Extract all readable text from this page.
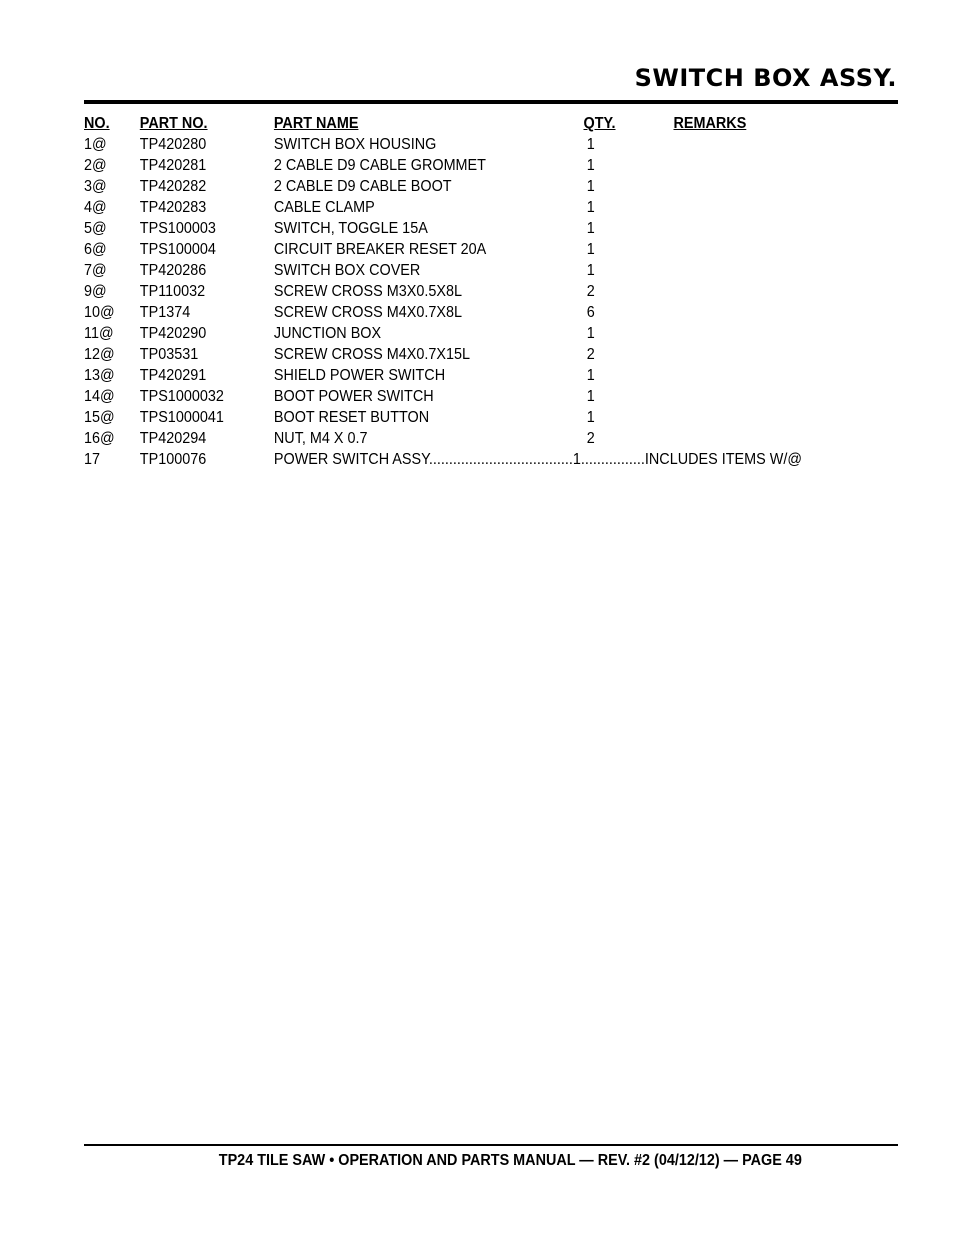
SWITCH BOX ASSY.
NO. PART NO.	PART NAME	QTY.	REMARKS
1@ TP420280	SWITCH BOX HOUSING	1
2@ TP420281	2 CABLE D9 CABLE GROMMET	1
3@ TP420282	2 CABLE D9 CABLE BOOT	1
4@ TP420283	CABLE CLAMP	1
5@ TPS100003	SWITCH, TOGGLE 15A	1
6@ TPS100004	CIRCUIT BREAKER RESET 20A	1
7@ TP420286	SWITCH BOX COVER	1
9@ TP110032	SCREW CROSS M3X0.5X8L	2
10@ TP1374	SCREW CROSS M4X0.7X8L	6
11@ TP420290	JUNCTION BOX	1
12@ TP03531	SCREW CROSS M4X0.7X15L	2
13@ TP420291	SHIELD POWER SWITCH	1
14@ TPS1000032	BOOT POWER SWITCH	1
15@ TPS1000041	BOOT RESET BUTTON	1
16@ TP420294	NUT, M4 X 0.7	2
17 TP100076	POWER SWITCH ASSY....................................1................INCLUDES ITEMS W/@
TP24 TILE SAW • OPERATION AND PARTS MANUAL — REV. #2 (04/12/12) — PAGE 49
